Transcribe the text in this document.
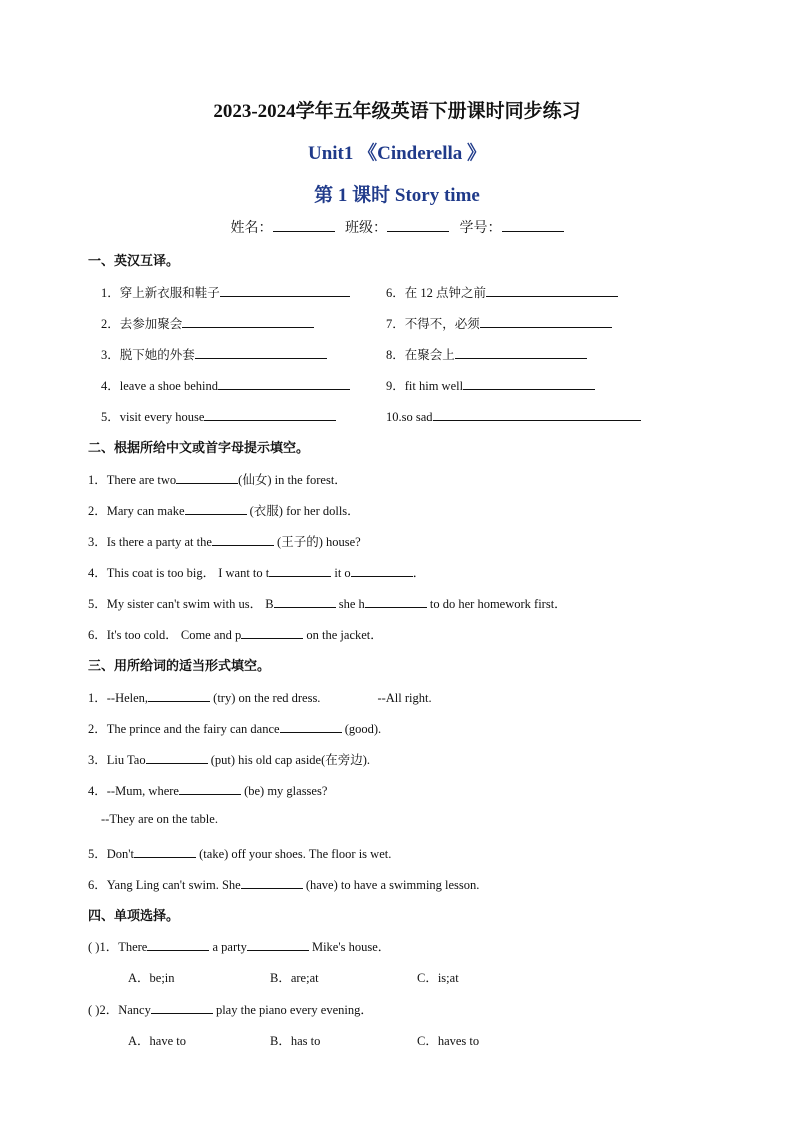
2023-2024学年五年级英语下册课时同步练习
Unit1 《Cinderella 》
第 1 课时 Story time
姓名：	班级：	学号：
一、英汉互译。
1．穿上新衣服和鞋子	6．在 12 点钟之前
2．去参加聚会	7．不得不，必须
3．脱下她的外套	8．在聚会上
4．leave a shoe behind	9．fit him well
5．visit every house	10.so sad
二、根据所给中文或首字母提示填空。
1．There are two	(仙女) in the forest．
2．Mary can make	(衣服) for her dolls．
3．Is there a party at the	(王子的) house?
4．This coat is too big． I want to t	it o	．
5．My sister can't swim with us． B	she h	to do her homework first．
6．It's too cold． Come and p	on the jacket．
三、用所给词的适当形式填空。
1．--Helen,	(try) on the red dress.	--All right.
2．The prince and the fairy can dance	(good).
3．Liu Tao	(put) his old cap aside(在旁边).
4．--Mum, where	(be) my glasses?
--They are on the table.
5．Don't	(take) off your shoes. The floor is wet.
6．Yang Ling can't swim. She	(have) to have a swimming lesson.
四、单项选择。
( )1．There	a party	Mike's house．
A．be;in	B．are;at	C．is;at
( )2．Nancy	play the piano every evening．
A．have to	B．has to	C．haves to
